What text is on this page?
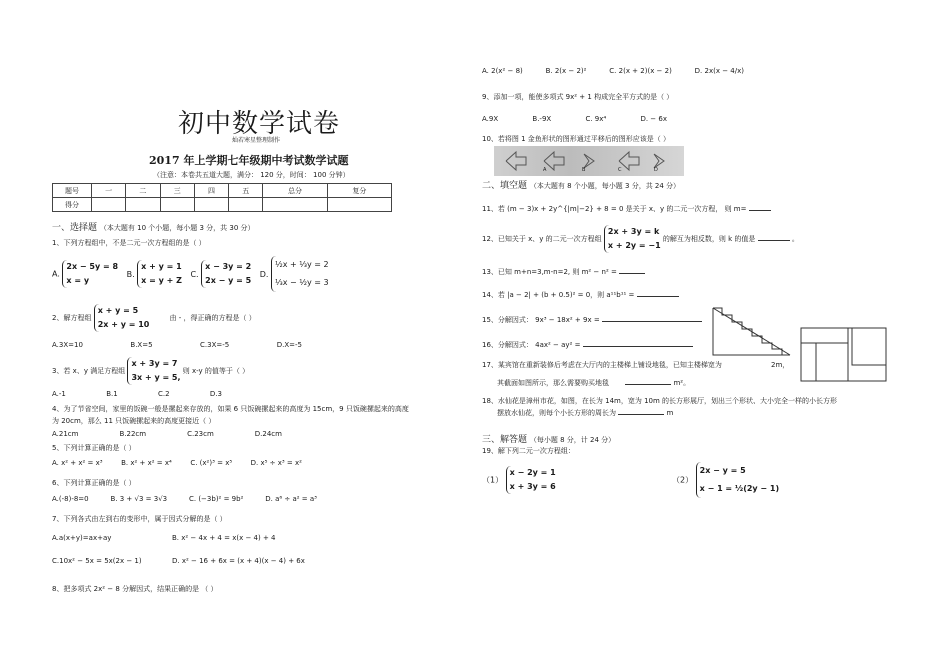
初中数学试卷
灿若寒星整理制作
2017 年上学期七年级期中考试数学试题
（注意：本卷共五道大题，满分： 120 分，时间： 100 分钟）
题号	一	二	三	四	五	总分	复分
得分							
一、选择题 （本大题有 10 个小题，每小题 3 分，共 30 分）
1、下列方程组中，不是二元一次方程组的是（ ）
A. 2x − 5y = 8
x = y B. x + y = 1
x = y + Z C. x − 3y = 2
2x − y = 5 D. ½x + ⅓y = 2
⅓x − ½y = 3
2、解方程组 x + y = 5
2x + y = 10 由 - ，得正确的方程是（ ）
A.3X=10	B.X=5	C.3X=-5	D.X=-5
3、若 x、y 满足方程组 x + 3y = 7
3x + y = 5, 则 x-y 的值等于（ ）
A.-1	B.1	C.2	D.3
4、为了节省空间，家里的饭碗一般是摞起来存放的，如果 6 只饭碗摞起来的高度为 15cm，9 只饭碗摞起来的高度
为 20cm，那么 11 只饭碗摞起来的高度更接近（ ）
A.21cm	B.22cm	C.23cm	D.24cm
5、下列计算正确的是（ ）
A. x² + x² = x³	B. x² + x² = x⁴	C. (x²)³ = x⁵	D. x⁵ ÷ x³ = x²
6、下列计算正确的是（ ）
A.(-8)-8=0	B. 3 + √3 = 3√3	C. (−3b)² = 9b²	D. a⁶ ÷ a² = a³
7、下列各式由左到右的变形中，属于因式分解的是（ ）
A.a(x+y)=ax+ay	B. x² − 4x + 4 = x(x − 4) + 4
C.10x² − 5x = 5x(2x − 1)	D. x² − 16 + 6x = (x + 4)(x − 4) + 6x
8、把多项式 2x² − 8 分解因式，结果正确的是 （ ）
A. 2(x² − 8)	B. 2(x − 2)²	C. 2(x + 2)(x − 2)	D. 2x(x − 4/x)
9、添加一项，能使多项式 9x² + 1 构成完全平方式的是（ ）
A.9X	B.-9X	C. 9x⁴	D. − 6x
10、若将图 1 金鱼形状的图形通过平移后的图形应该是（ ）
A	B	C	D
二、填空题 （本大题有 8 个小题，每小题 3 分，共 24 分）
11、若 (m − 3)x + 2y^{|m|−2} + 8 = 0 是关于 x、y 的二元一次方程， 则 m=
12、已知关于 x、y 的二元一次方程组 2x + 3y = k
x + 2y = −1 的解互为相反数，则 k 的值是	。
13、已知 m+n=3,m-n=2, 则 m² − n² =
14、若 |a − 2| + (b + 0.5)² = 0，则 a¹¹b¹¹ =
15、分解因式： 9x³ − 18x² + 9x =
16、分解因式： 4ax² − ay² =
17、某宾馆在重新装修后考虑在大厅内的主楼梯上铺设地毯，已知主楼梯宽为	2m，
其截面如图所示，那么需要购买地毯	m²。
18、水仙花是漳州市花，如图，在长为 14m，宽为 10m 的长方形展厅，划出三个形状、大小完全一样的小长方形
摆放水仙花，则每个小长方形的周长为	m
三、解答题 （每小题 8 分，计 24 分）
19、解下列二元一次方程组：
（1） x − 2y = 1
x + 3y = 6
（2） 2x − y = 5
x − 1 = ½(2y − 1)
